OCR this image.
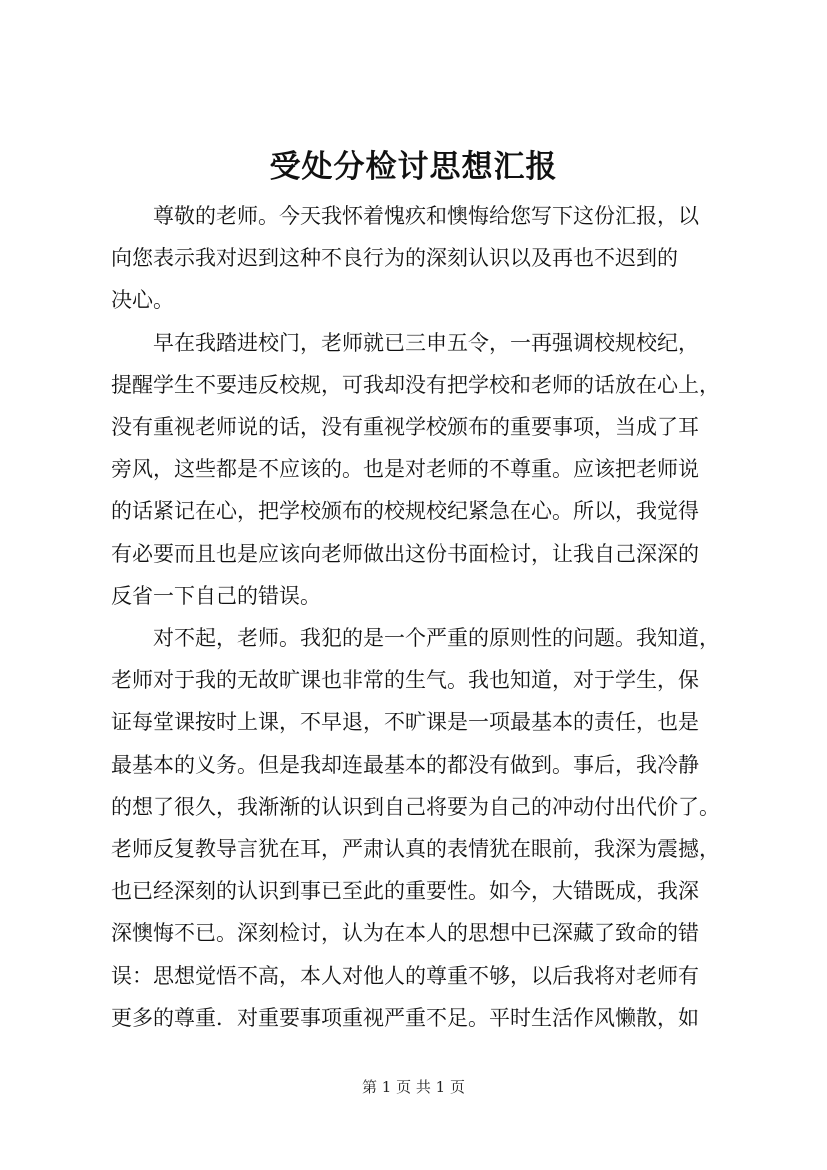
受处分检讨思想汇报

尊敬的老师。今天我怀着愧疚和懊悔给您写下这份汇报，以
向您表示我对迟到这种不良行为的深刻认识以及再也不迟到的
决心。

早在我踏进校门，老师就已三申五令，一再强调校规校纪，
提醒学生不要违反校规，可我却没有把学校和老师的话放在心上，
没有重视老师说的话，没有重视学校颁布的重要事项，当成了耳
旁风，这些都是不应该的。也是对老师的不尊重。应该把老师说
的话紧记在心，把学校颁布的校规校纪紧急在心。所以，我觉得
有必要而且也是应该向老师做出这份书面检讨，让我自己深深的
反省一下自己的错误。

对不起，老师。我犯的是一个严重的原则性的问题。我知道，
老师对于我的无故旷课也非常的生气。我也知道，对于学生，保
证每堂课按时上课，不早退，不旷课是一项最基本的责任，也是
最基本的义务。但是我却连最基本的都没有做到。事后，我冷静
的想了很久，我渐渐的认识到自己将要为自己的冲动付出代价了。
老师反复教导言犹在耳，严肃认真的表情犹在眼前，我深为震撼，
也已经深刻的认识到事已至此的重要性。如今，大错既成，我深
深懊悔不已。深刻检讨，认为在本人的思想中已深藏了致命的错
误：思想觉悟不高，本人对他人的尊重不够，以后我将对老师有
更多的尊重．对重要事项重视严重不足。平时生活作风懒散，如

第 1 页 共 1 页
